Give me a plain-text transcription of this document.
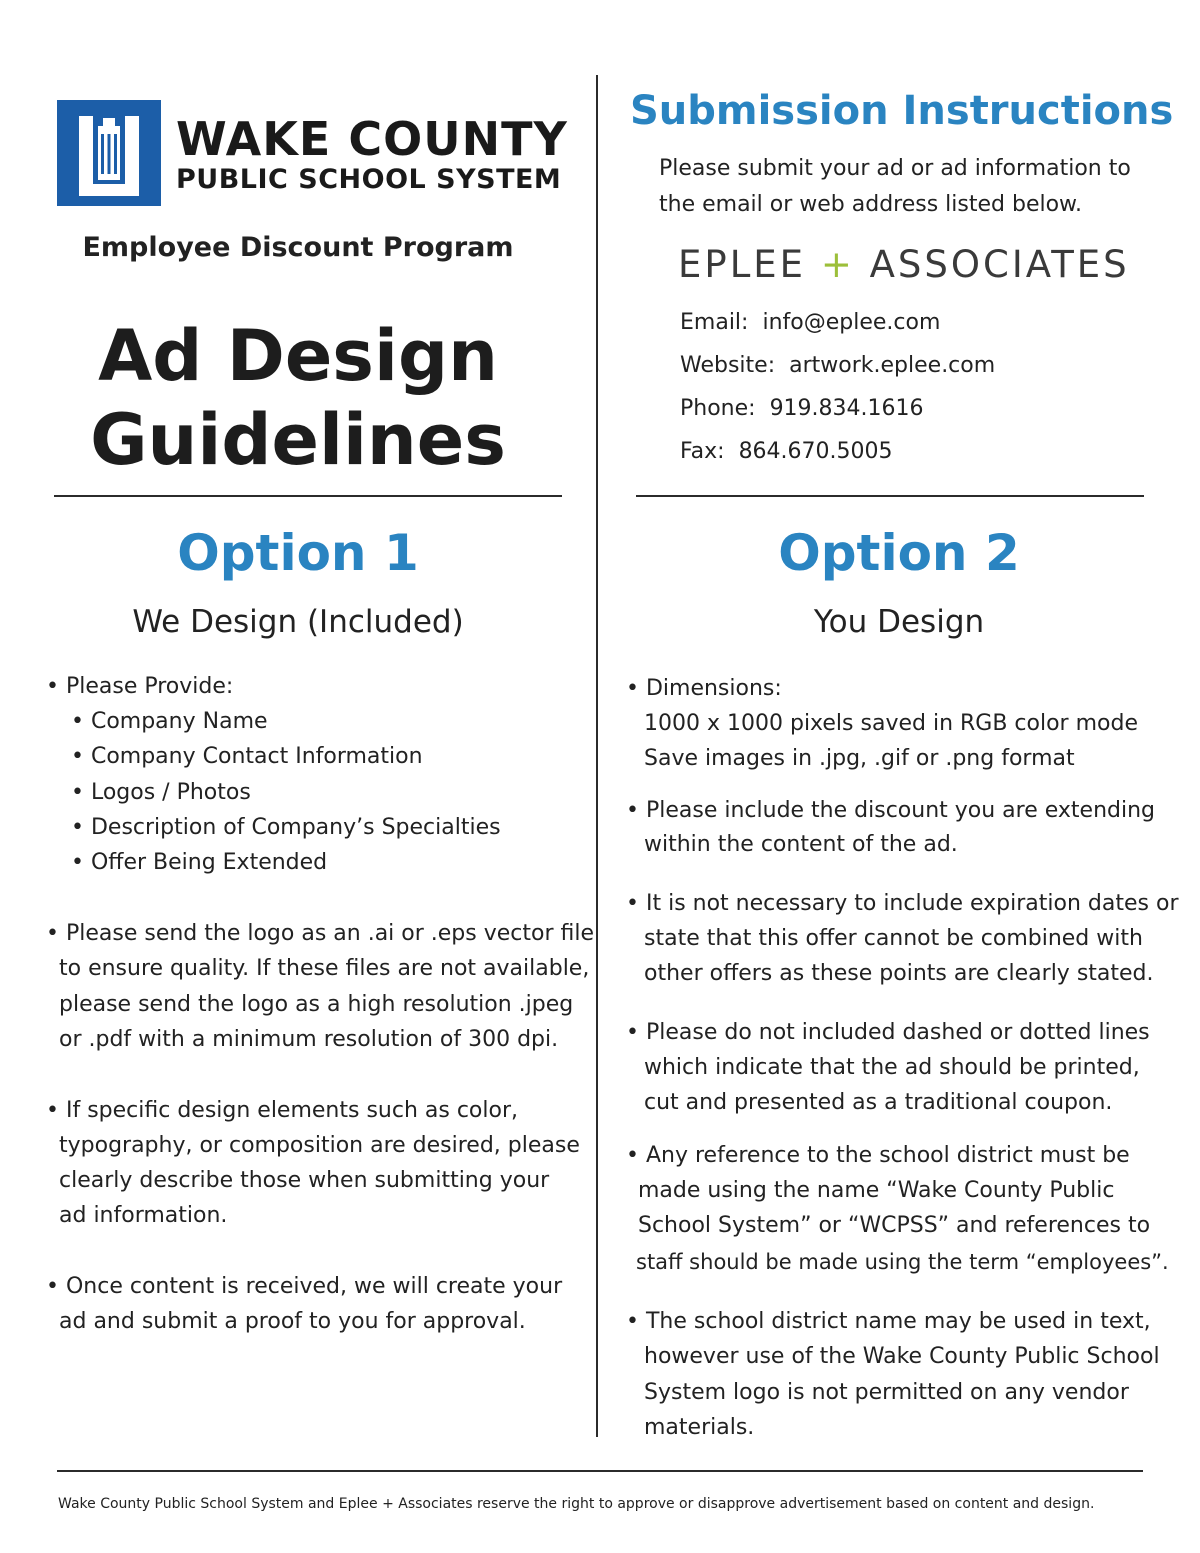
WAKE COUNTY
PUBLIC SCHOOL SYSTEM
Employee Discount Program
Ad Design
Guidelines
Submission Instructions
Please submit your ad or ad information to
the email or web address listed below.
EPLEE + ASSOCIATES
Email: info@eplee.com
Website: artwork.eplee.com
Phone: 919.834.1616
Fax: 864.670.5005
Option 1
We Design (Included)
Option 2
You Design
• Please Provide:
• Company Name
• Company Contact Information
• Logos / Photos
• Description of Company’s Specialties
• Offer Being Extended
• Please send the logo as an .ai or .eps vector file
to ensure quality. If these files are not available,
please send the logo as a high resolution .jpeg
or .pdf with a minimum resolution of 300 dpi.
• If specific design elements such as color,
typography, or composition are desired, please
clearly describe those when submitting your
ad information.
• Once content is received, we will create your
ad and submit a proof to you for approval.
• Dimensions:
1000 x 1000 pixels saved in RGB color mode
Save images in .jpg, .gif or .png format
• Please include the discount you are extending
within the content of the ad.
• It is not necessary to include expiration dates or
state that this offer cannot be combined with
other offers as these points are clearly stated.
• Please do not included dashed or dotted lines
which indicate that the ad should be printed,
cut and presented as a traditional coupon.
• Any reference to the school district must be
made using the name “Wake County Public
School System” or “WCPSS” and references to
staff should be made using the term “employees”.
• The school district name may be used in text,
however use of the Wake County Public School
System logo is not permitted on any vendor
materials.
Wake County Public School System and Eplee + Associates reserve the right to approve or disapprove advertisement based on content and design.
